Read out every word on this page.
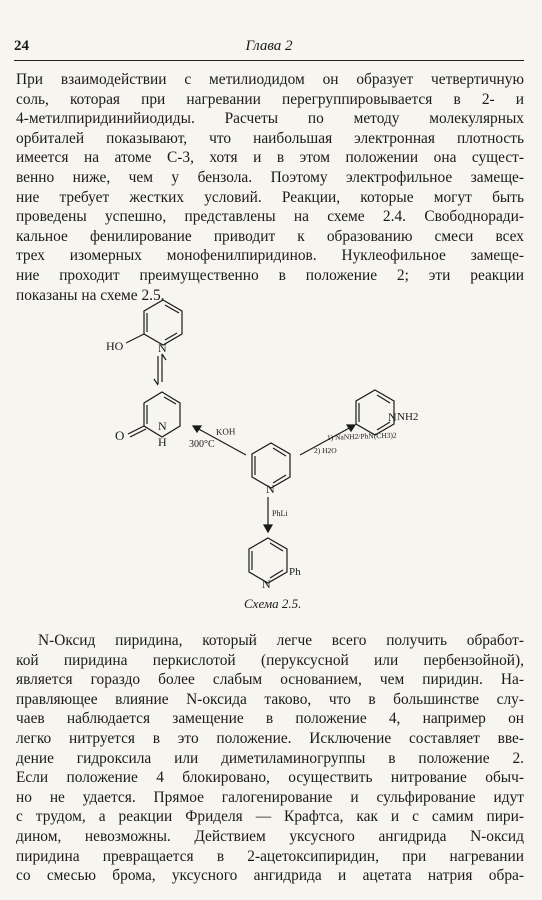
24	Глава 2
При взаимодействии с метилиодидом он образует четвертичную
соль, которая при нагревании перегруппировывается в 2- и
4-метилпиридинийиодиды. Расчеты по методу молекулярных
орбиталей показывают, что наибольшая электронная плотность
имеется на атоме С-3, хотя и в этом положении она сущест-
венно ниже, чем у бензола. Поэтому электрофильное замеще-
ние требует жестких условий. Реакции, которые могут быть
проведены успешно, представлены на схеме 2.4. Свободноради-
кальное фенилирование приводит к образованию смеси всех
трех изомерных монофенилпиридинов. Нуклеофильное замеще-
ние проходит преимущественно в положение 2; эти реакции
показаны на схеме 2.5.
HO	N
O
N
H
KOH
300°C
1) NaNH2/PhN(CH3)2
2) H2O
N NH2
N
PhLi
N
Ph
Схема 2.5.
N-Оксид пиридина, который легче всего получить обработ-
кой пиридина перкислотой (перуксусной или пербензойной),
является гораздо более слабым основанием, чем пиридин. На-
правляющее влияние N-оксида таково, что в большинстве слу-
чаев наблюдается замещение в положение 4, например он
легко нитруется в это положение. Исключение составляет вве-
дение гидроксила или диметиламиногруппы в положение 2.
Если положение 4 блокировано, осуществить нитрование обыч-
но не удается. Прямое галогенирование и сульфирование идут
с трудом, а реакции Фриделя — Крафтса, как и с самим пири-
дином, невозможны. Действием уксусного ангидрида N-оксид
пиридина превращается в 2-ацетоксипиридин, при нагревании
со смесью брома, уксусного ангидрида и ацетата натрия обра-
